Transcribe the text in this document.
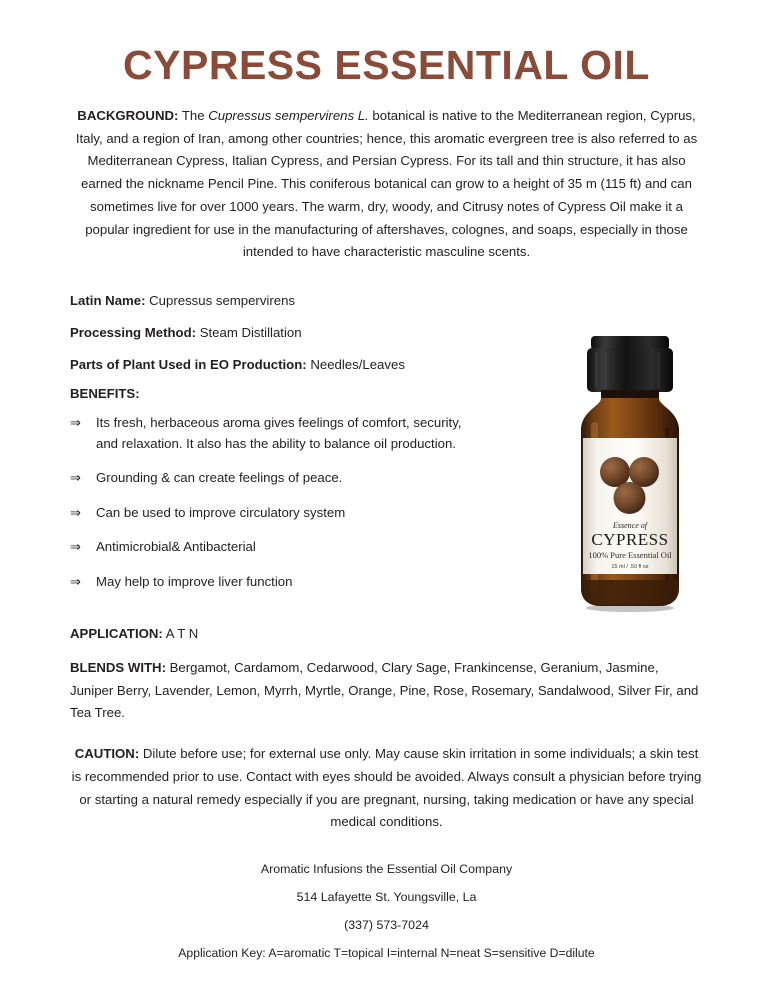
CYPRESS ESSENTIAL OIL

BACKGROUND: The Cupressus sempervirens L. botanical is native to the Mediterranean region, Cyprus, Italy, and a region of Iran, among other countries; hence, this aromatic evergreen tree is also referred to as Mediterranean Cypress, Italian Cypress, and Persian Cypress. For its tall and thin structure, it has also earned the nickname Pencil Pine. This coniferous botanical can grow to a height of 35 m (115 ft) and can sometimes live for over 1000 years. The warm, dry, woody, and Citrusy notes of Cypress Oil make it a popular ingredient for use in the manufacturing of aftershaves, colognes, and soaps, especially in those intended to have characteristic masculine scents.

Latin Name: Cupressus sempervirens
Processing Method: Steam Distillation
Parts of Plant Used in EO Production: Needles/Leaves
BENEFITS:
⇒	Its fresh, herbaceous aroma gives feelings of comfort, security, and relaxation. It also has the ability to balance oil production.
⇒	Grounding & can create feelings of peace.
⇒	Can be used to improve circulatory system
⇒	Antimicrobial& Antibacterial
⇒	May help to improve liver function
Essence of
CYPRESS
100% Pure Essential Oil
15 ml / .50 fl oz
APPLICATION: A T N
BLENDS WITH: Bergamot, Cardamom, Cedarwood, Clary Sage, Frankincense, Geranium, Jasmine, Juniper Berry, Lavender, Lemon, Myrrh, Myrtle, Orange, Pine, Rose, Rosemary, Sandalwood, Silver Fir, and Tea Tree.
CAUTION: Dilute before use; for external use only. May cause skin irritation in some individuals; a skin test is recommended prior to use. Contact with eyes should be avoided. Always consult a physician before trying or starting a natural remedy especially if you are pregnant, nursing, taking medication or have any special medical conditions.
Aromatic Infusions the Essential Oil Company
514 Lafayette St. Youngsville, La
(337) 573-7024
Application Key: A=aromatic T=topical I=internal N=neat S=sensitive D=dilute
